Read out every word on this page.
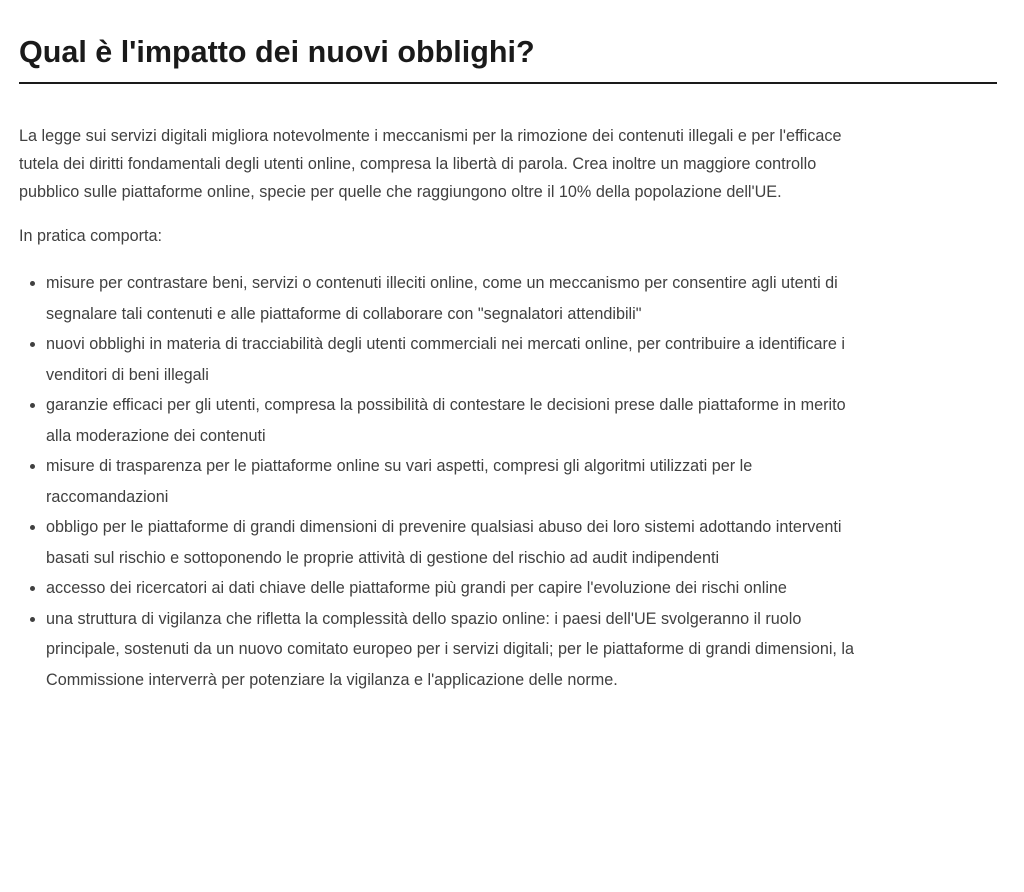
Qual è l'impatto dei nuovi obblighi?

La legge sui servizi digitali migliora notevolmente i meccanismi per la rimozione dei contenuti illegali e per l'efficace tutela dei diritti fondamentali degli utenti online, compresa la libertà di parola. Crea inoltre un maggiore controllo pubblico sulle piattaforme online, specie per quelle che raggiungono oltre il 10% della popolazione dell'UE.

In pratica comporta:

misure per contrastare beni, servizi o contenuti illeciti online, come un meccanismo per consentire agli utenti di segnalare tali contenuti e alle piattaforme di collaborare con "segnalatori attendibili"
nuovi obblighi in materia di tracciabilità degli utenti commerciali nei mercati online, per contribuire a identificare i venditori di beni illegali
garanzie efficaci per gli utenti, compresa la possibilità di contestare le decisioni prese dalle piattaforme in merito alla moderazione dei contenuti
misure di trasparenza per le piattaforme online su vari aspetti, compresi gli algoritmi utilizzati per le raccomandazioni
obbligo per le piattaforme di grandi dimensioni di prevenire qualsiasi abuso dei loro sistemi adottando interventi basati sul rischio e sottoponendo le proprie attività di gestione del rischio ad audit indipendenti
accesso dei ricercatori ai dati chiave delle piattaforme più grandi per capire l'evoluzione dei rischi online
una struttura di vigilanza che rifletta la complessità dello spazio online: i paesi dell'UE svolgeranno il ruolo principale, sostenuti da un nuovo comitato europeo per i servizi digitali; per le piattaforme di grandi dimensioni, la Commissione interverrà per potenziare la vigilanza e l'applicazione delle norme.
